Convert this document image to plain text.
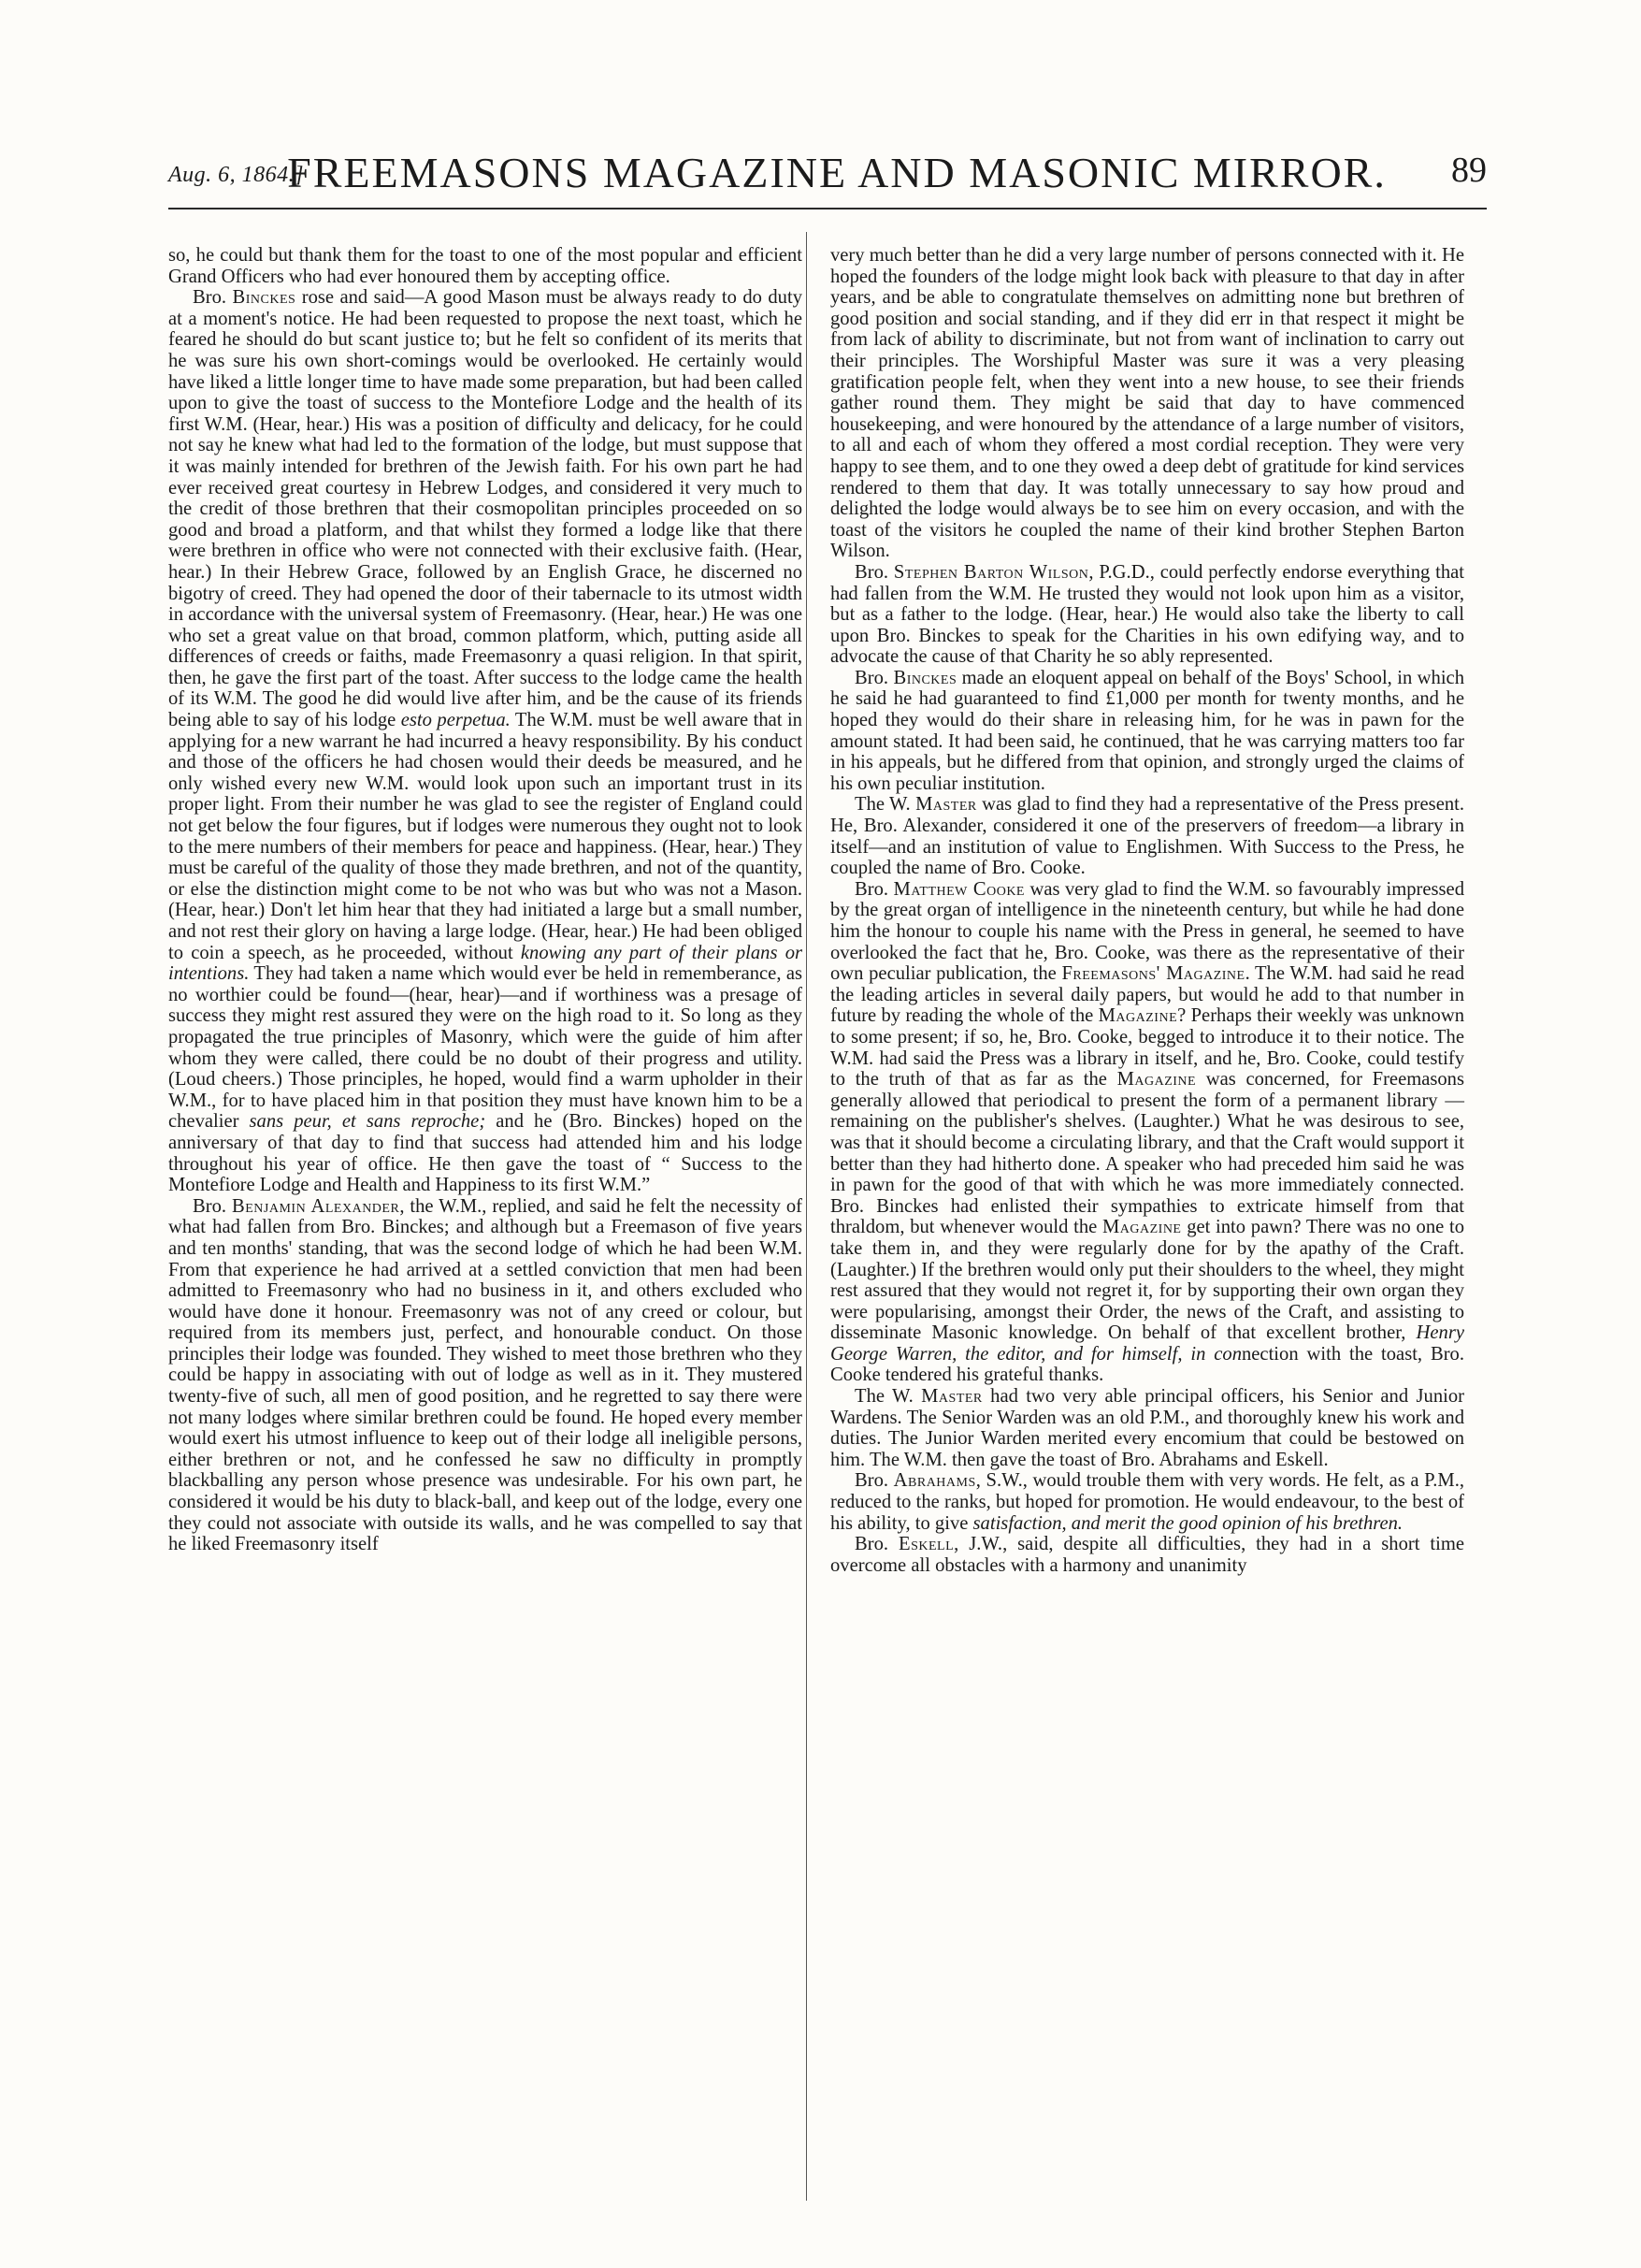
Aug. 6, 1864.]
FREEMASONS MAGAZINE AND MASONIC MIRROR.	89

so, he could but thank them for the toast to one of the most popular and efficient Grand Officers who had ever honoured them by accepting office.

Bro. Binckes rose and said—A good Mason must be always ready to do duty at a moment's notice. He had been requested to propose the next toast, which he feared he should do but scant justice to; but he felt so confident of its merits that he was sure his own short-comings would be overlooked. He certainly would have liked a little longer time to have made some preparation, but had been called upon to give the toast of success to the Montefiore Lodge and the health of its first W.M. (Hear, hear.) His was a position of difficulty and delicacy, for he could not say he knew what had led to the formation of the lodge, but must suppose that it was mainly intended for brethren of the Jewish faith. For his own part he had ever received great courtesy in Hebrew Lodges, and considered it very much to the credit of those brethren that their cosmopolitan principles proceeded on so good and broad a platform, and that whilst they formed a lodge like that there were brethren in office who were not connected with their exclusive faith. (Hear, hear.) In their Hebrew Grace, followed by an English Grace, he discerned no bigotry of creed. They had opened the door of their tabernacle to its utmost width in accordance with the universal system of Freemasonry. (Hear, hear.) He was one who set a great value on that broad, common platform, which, putting aside all differences of creeds or faiths, made Freemasonry a quasi religion. In that spirit, then, he gave the first part of the toast. After success to the lodge came the health of its W.M. The good he did would live after him, and be the cause of its friends being able to say of his lodge esto perpetua. The W.M. must be well aware that in applying for a new warrant he had incurred a heavy responsibility. By his conduct and those of the officers he had chosen would their deeds be measured, and he only wished every new W.M. would look upon such an important trust in its proper light. From their number he was glad to see the register of England could not get below the four figures, but if lodges were numerous they ought not to look to the mere numbers of their members for peace and happiness. (Hear, hear.) They must be careful of the quality of those they made brethren, and not of the quantity, or else the distinction might come to be not who was but who was not a Mason. (Hear, hear.) Don't let him hear that they had initiated a large but a small number, and not rest their glory on having a large lodge. (Hear, hear.) He had been obliged to coin a speech, as he proceeded, without knowing any part of their plans or intentions. They had taken a name which would ever be held in rememberance, as no worthier could be found—(hear, hear)—and if worthiness was a presage of success they might rest assured they were on the high road to it. So long as they propagated the true principles of Masonry, which were the guide of him after whom they were called, there could be no doubt of their progress and utility. (Loud cheers.) Those principles, he hoped, would find a warm upholder in their W.M., for to have placed him in that position they must have known him to be a chevalier sans peur, et sans reproche; and he (Bro. Binckes) hoped on the anniversary of that day to find that success had attended him and his lodge throughout his year of office. He then gave the toast of “ Success to the Montefiore Lodge and Health and Happiness to its first W.M.”

Bro. Benjamin Alexander, the W.M., replied, and said he felt the necessity of what had fallen from Bro. Binckes; and although but a Freemason of five years and ten months' standing, that was the second lodge of which he had been W.M. From that experience he had arrived at a settled conviction that men had been admitted to Freemasonry who had no business in it, and others excluded who would have done it honour. Freemasonry was not of any creed or colour, but required from its members just, perfect, and honourable conduct. On those principles their lodge was founded. They wished to meet those brethren who they could be happy in associating with out of lodge as well as in it. They mustered twenty-five of such, all men of good position, and he regretted to say there were not many lodges where similar brethren could be found. He hoped every member would exert his utmost influence to keep out of their lodge all ineligible persons, either brethren or not, and he confessed he saw no difficulty in promptly blackballing any person whose presence was undesirable. For his own part, he considered it would be his duty to black-ball, and keep out of the lodge, every one they could not associate with outside its walls, and he was compelled to say that he liked Freemasonry itself

very much better than he did a very large number of persons connected with it. He hoped the founders of the lodge might look back with pleasure to that day in after years, and be able to congratulate themselves on admitting none but brethren of good position and social standing, and if they did err in that respect it might be from lack of ability to discriminate, but not from want of inclination to carry out their principles. The Worshipful Master was sure it was a very pleasing gratification people felt, when they went into a new house, to see their friends gather round them. They might be said that day to have commenced housekeeping, and were honoured by the attendance of a large number of visitors, to all and each of whom they offered a most cordial reception. They were very happy to see them, and to one they owed a deep debt of gratitude for kind services rendered to them that day. It was totally unnecessary to say how proud and delighted the lodge would always be to see him on every occasion, and with the toast of the visitors he coupled the name of their kind brother Stephen Barton Wilson.

Bro. Stephen Barton Wilson, P.G.D., could perfectly endorse everything that had fallen from the W.M. He trusted they would not look upon him as a visitor, but as a father to the lodge. (Hear, hear.) He would also take the liberty to call upon Bro. Binckes to speak for the Charities in his own edifying way, and to advocate the cause of that Charity he so ably represented.

Bro. Binckes made an eloquent appeal on behalf of the Boys' School, in which he said he had guaranteed to find £1,000 per month for twenty months, and he hoped they would do their share in releasing him, for he was in pawn for the amount stated. It had been said, he continued, that he was carrying matters too far in his appeals, but he differed from that opinion, and strongly urged the claims of his own peculiar institution.

The W. Master was glad to find they had a representative of the Press present. He, Bro. Alexander, considered it one of the preservers of freedom—a library in itself—and an institution of value to Englishmen. With Success to the Press, he coupled the name of Bro. Cooke.

Bro. Matthew Cooke was very glad to find the W.M. so favourably impressed by the great organ of intelligence in the nineteenth century, but while he had done him the honour to couple his name with the Press in general, he seemed to have overlooked the fact that he, Bro. Cooke, was there as the representative of their own peculiar publication, the Freemasons' Magazine. The W.M. had said he read the leading articles in several daily papers, but would he add to that number in future by reading the whole of the Magazine? Perhaps their weekly was unknown to some present; if so, he, Bro. Cooke, begged to introduce it to their notice. The W.M. had said the Press was a library in itself, and he, Bro. Cooke, could testify to the truth of that as far as the Magazine was concerned, for Freemasons generally allowed that periodical to present the form of a permanent library — remaining on the publisher's shelves. (Laughter.) What he was desirous to see, was that it should become a circulating library, and that the Craft would support it better than they had hitherto done. A speaker who had preceded him said he was in pawn for the good of that with which he was more immediately connected. Bro. Binckes had enlisted their sympathies to extricate himself from that thraldom, but whenever would the Magazine get into pawn? There was no one to take them in, and they were regularly done for by the apathy of the Craft. (Laughter.) If the brethren would only put their shoulders to the wheel, they might rest assured that they would not regret it, for by supporting their own organ they were popularising, amongst their Order, the news of the Craft, and assisting to disseminate Masonic knowledge. On behalf of that excellent brother, Henry George Warren, the editor, and for himself, in connection with the toast, Bro. Cooke tendered his grateful thanks.

The W. Master had two very able principal officers, his Senior and Junior Wardens. The Senior Warden was an old P.M., and thoroughly knew his work and duties. The Junior Warden merited every encomium that could be bestowed on him. The W.M. then gave the toast of Bro. Abrahams and Eskell.

Bro. Abrahams, S.W., would trouble them with very words. He felt, as a P.M., reduced to the ranks, but hoped for promotion. He would endeavour, to the best of his ability, to give satisfaction, and merit the good opinion of his brethren.

Bro. Eskell, J.W., said, despite all difficulties, they had in a short time overcome all obstacles with a harmony and unanimity
